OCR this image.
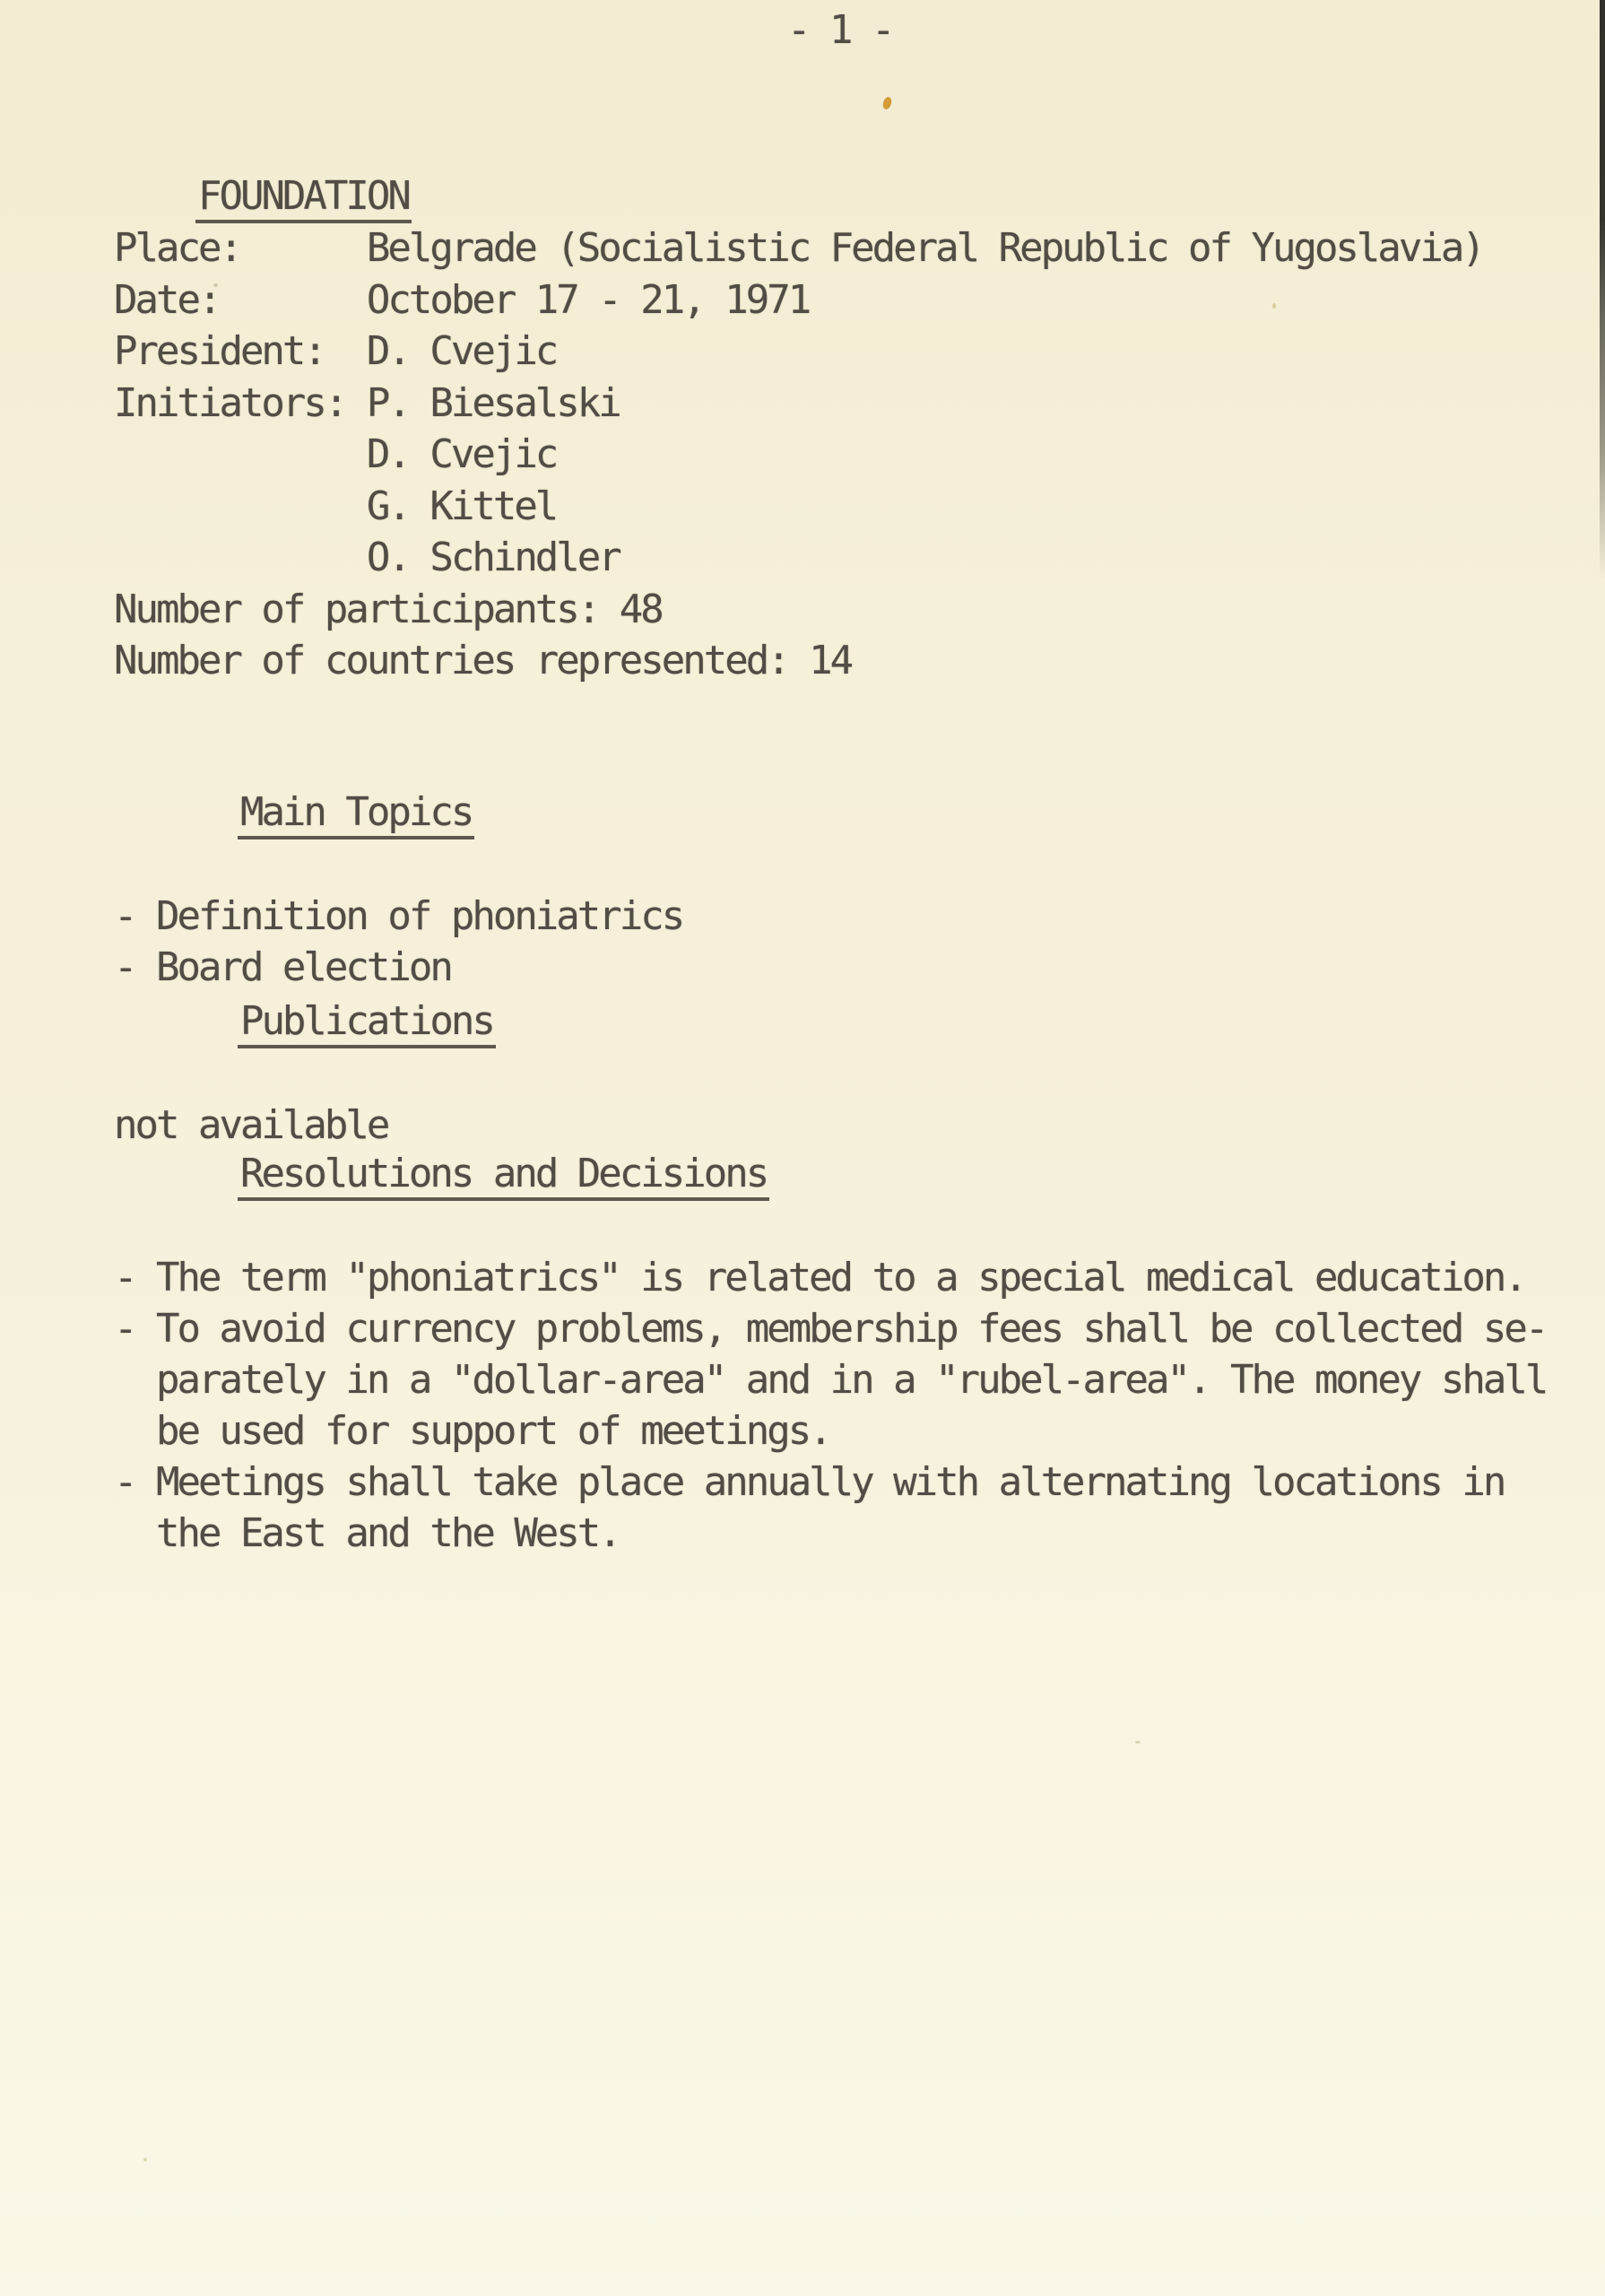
- 1 -

FOUNDATION

Place:      Belgrade (Socialistic Federal Republic of Yugoslavia)
Date:       October 17 - 21, 1971
President:  D. Cvejic
Initiators: P. Biesalski
D. Cvejic
G. Kittel
O. Schindler
Number of participants: 48
Number of countries represented: 14

Main Topics

- Definition of phoniatrics
- Board election

Publications

not available

Resolutions and Decisions

- The term "phoniatrics" is related to a special medical education.
- To avoid currency problems, membership fees shall be collected se-
parately in a "dollar-area" and in a "rubel-area". The money shall
be used for support of meetings.
- Meetings shall take place annually with alternating locations in
the East and the West.
